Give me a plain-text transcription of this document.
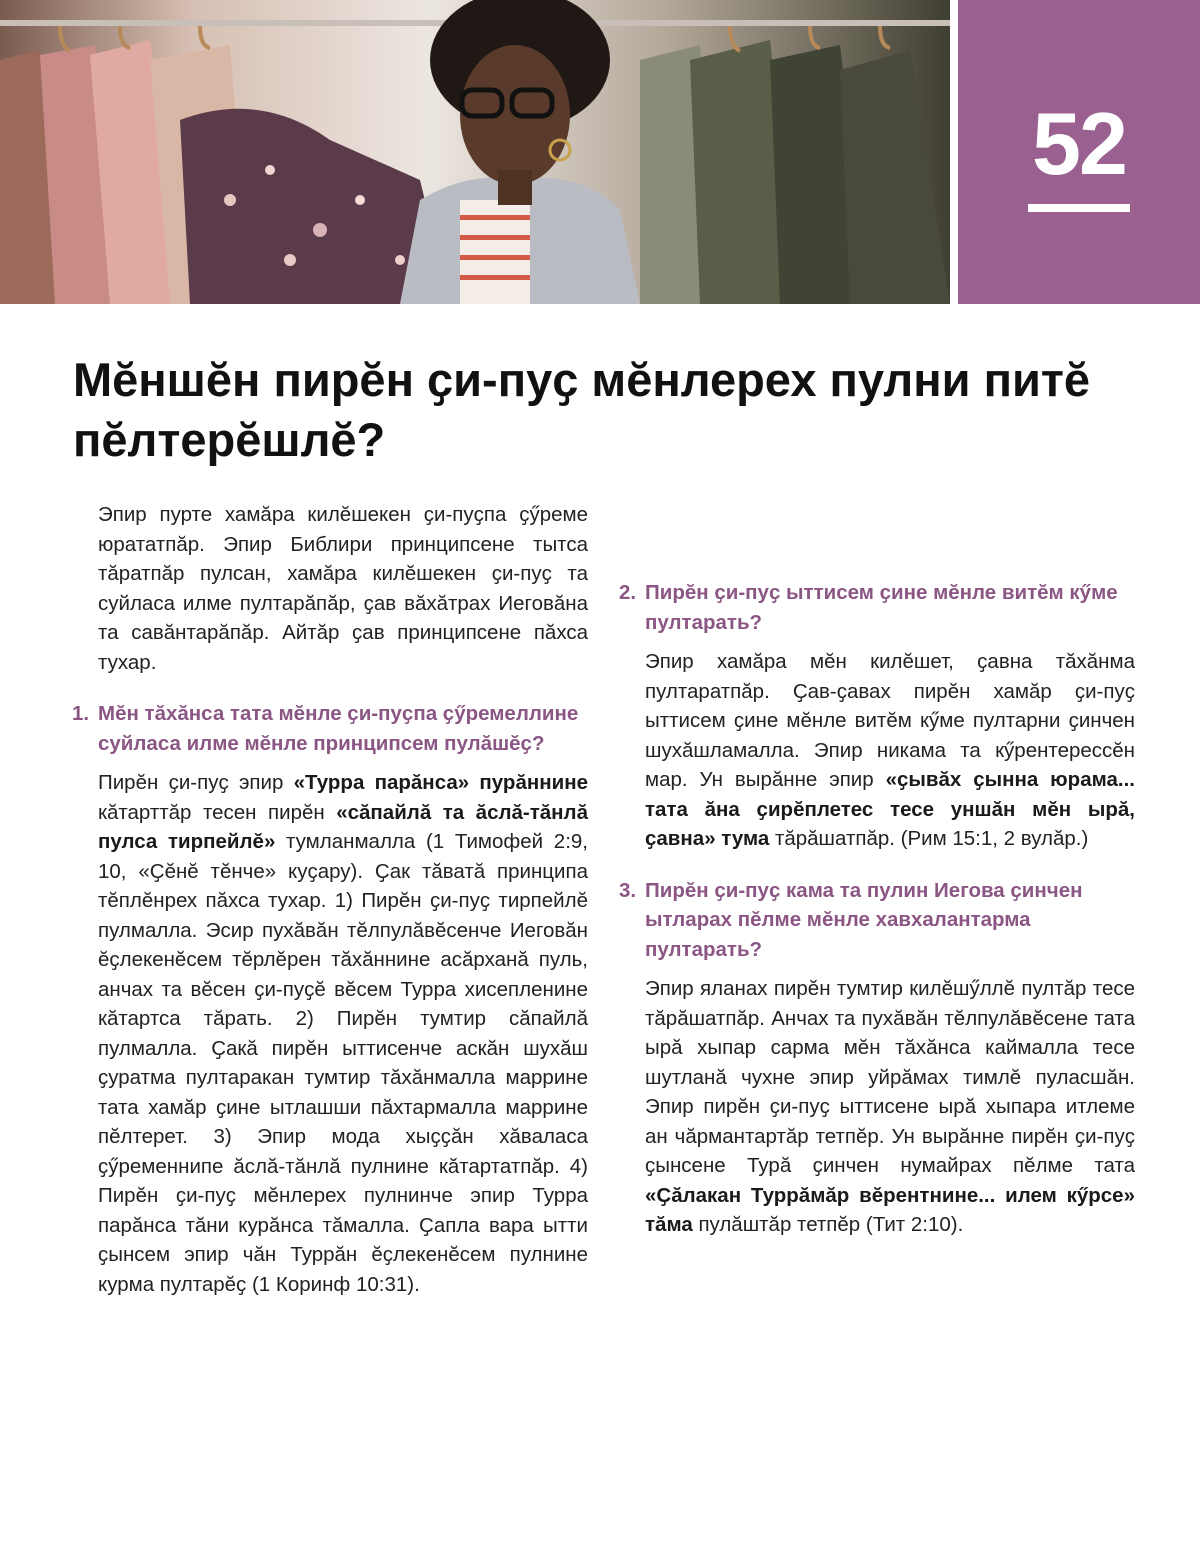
52
Мĕншĕн пирĕн ҫи-пуҫ мĕнлерех пулни питĕ пĕлтерĕшлĕ?

Эпир пурте хамăра килĕшекен ҫи-пуҫпа ҫӳреме юрататпăр. Эпир Библири принципсене тытса тăратпăр пулсан, хамăра килĕшекен ҫи-пуҫ та суйласа илме пултарăпăр, ҫав вăхăтрах Иеговăна та савăнтарăпăр. Айтăр ҫав принципсене пăхса тухар.

1. Мĕн тăхăнса тата мĕнле ҫи-пуҫпа ҫӳремеллине суйласа илме мĕнле принципсем пулăшĕҫ?

Пирĕн ҫи-пуҫ эпир «Турра парăнса» пурăннине кăтарттăр тесен пирĕн «сăпайлă та ăслă-тăнлă пулса тирпейлĕ» тумланмалла (1 Тимофей 2:9, 10, «Ҫĕнĕ тĕнче» куҫару). Ҫак тăватă принципа тĕплĕнрех пăхса тухар. 1) Пирĕн ҫи-пуҫ тирпейлĕ пулмалла. Эсир пухăвăн тĕлпулăвĕсенче Иеговăн ĕҫлекенĕсем тĕрлĕрен тăхăннине асăрханă пуль, анчах та вĕсен ҫи-пуҫĕ вĕсем Турра хисепленине кăтартса тăрать. 2) Пирĕн тумтир сăпайлă пулмалла. Ҫакă пирĕн ыттисенче аскăн шухăш ҫуратма пултаракан тумтир тăхăнмалла маррине тата хамăр ҫине ытлашши пăхтармалла маррине пĕлтерет. 3) Эпир мода хыҫҫăн хăваласа ҫӳременнипе ăслă-тăнлă пулнине кăтартатпăр. 4) Пирĕн ҫи-пуҫ мĕнлерех пулнинче эпир Турра парăнса тăни курăнса тăмалла. Ҫапла вара ытти ҫынсем эпир чăн Туррăн ĕҫлекенĕсем пулнине курма пултарĕҫ (1 Коринф 10:31).

2. Пирĕн ҫи-пуҫ ыттисем ҫине мĕнле витĕм кӳме пултарать?

Эпир хамăра мĕн килĕшет, ҫавна тăхăнма пултаратпăр. Ҫав-ҫавах пирĕн хамăр ҫи-пуҫ ыттисем ҫине мĕнле витĕм кӳме пултарни ҫинчен шухăшламалла. Эпир никама та кӳрентерессĕн мар. Ун вырăнне эпир «ҫывăх ҫынна юрама... тата ăна ҫирĕплетес тесе уншăн мĕн ырă, ҫавна» тума тăрăшатпăр. (Рим 15:1, 2 вулăр.)

3. Пирĕн ҫи-пуҫ кама та пулин Иегова ҫинчен ытларах пĕлме мĕнле хавхалантарма пултарать?

Эпир яланах пирĕн тумтир килĕшӳллĕ пултăр тесе тăрăшатпăр. Анчах та пухăвăн тĕлпулăвĕсене тата ырă хыпар сарма мĕн тăхăнса каймалла тесе шутланă чухне эпир уйрăмах тимлĕ пуласшăн. Эпир пирĕн ҫи-пуҫ ыттисене ырă хыпара итлеме ан чăрмантартăр тетпĕр. Ун вырăнне пирĕн ҫи-пуҫ ҫынсене Турă ҫинчен нумайрах пĕлме тата «Ҫăлакан Туррăмăр вĕрентнине... илем кӳрсе» тăма пулăштăр тетпĕр (Тит 2:10).
